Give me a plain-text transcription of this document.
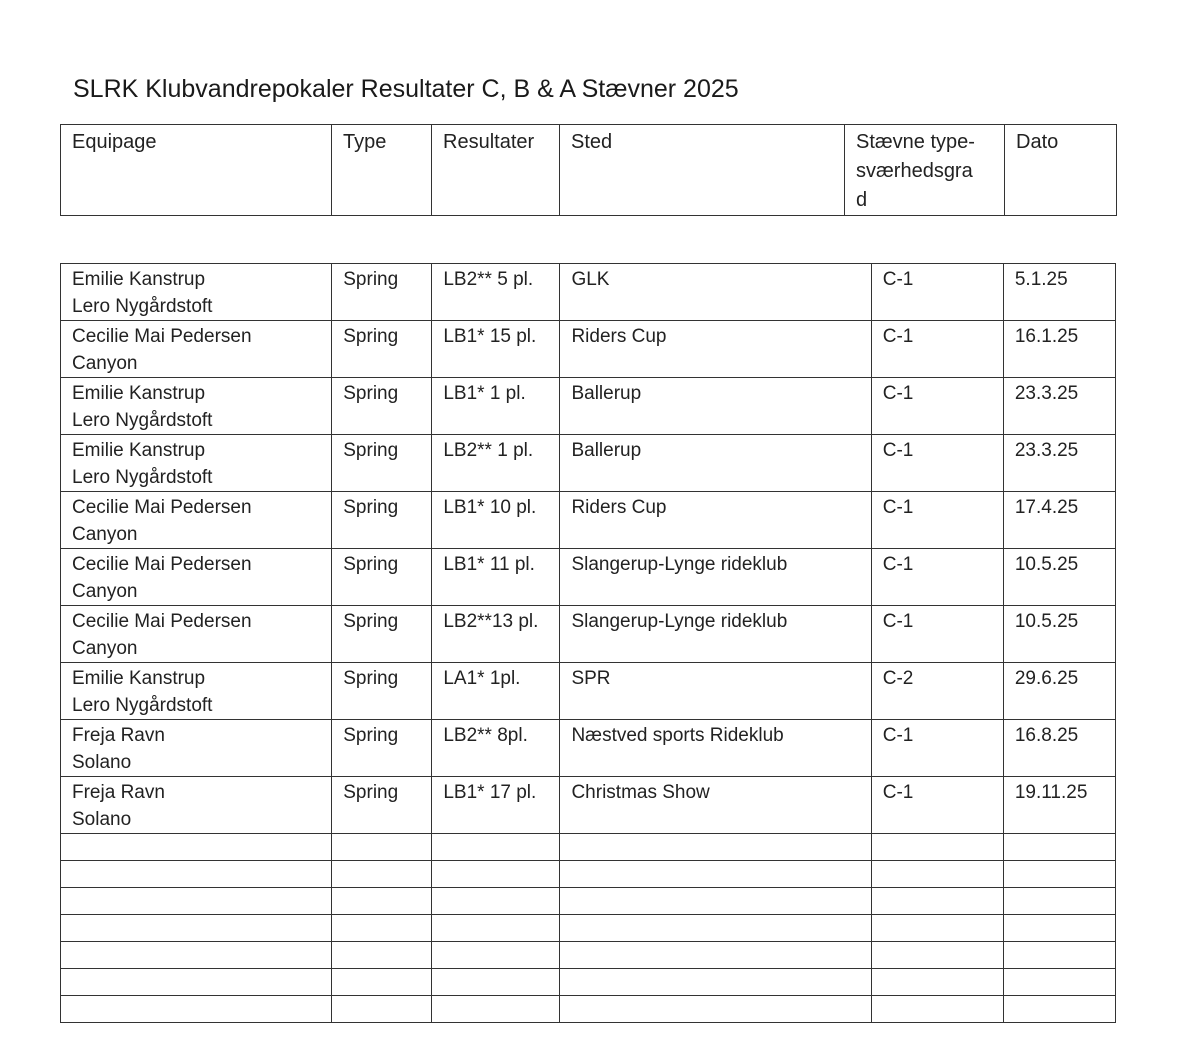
SLRK Klubvandrepokaler Resultater C, B & A Stævner 2025
Equipage	Type	Resultater	Sted	Stævne type-
sværhedsgra
d	Dato
Emilie Kanstrup
Lero Nygårdstoft	Spring	LB2** 5 pl.	GLK	C-1	5.1.25

Cecilie Mai Pedersen
Canyon	Spring	LB1* 15 pl.	Riders Cup	C-1	16.1.25

Emilie Kanstrup
Lero Nygårdstoft	Spring	LB1* 1 pl.	Ballerup	C-1	23.3.25

Emilie Kanstrup
Lero Nygårdstoft	Spring	LB2** 1 pl.	Ballerup	C-1	23.3.25

Cecilie Mai Pedersen
Canyon	Spring	LB1* 10 pl.	Riders Cup	C-1	17.4.25

Cecilie Mai Pedersen
Canyon	Spring	LB1* 11 pl.	Slangerup-Lynge rideklub	C-1	10.5.25

Cecilie Mai Pedersen
Canyon	Spring	LB2**13 pl.	Slangerup-Lynge rideklub	C-1	10.5.25

Emilie Kanstrup
Lero Nygårdstoft	Spring	LA1* 1pl.	SPR	C-2	29.6.25

Freja Ravn
Solano	Spring	LB2** 8pl.	Næstved sports Rideklub	C-1	16.8.25

Freja Ravn
Solano	Spring	LB1* 17 pl.	Christmas Show	C-1	19.11.25
